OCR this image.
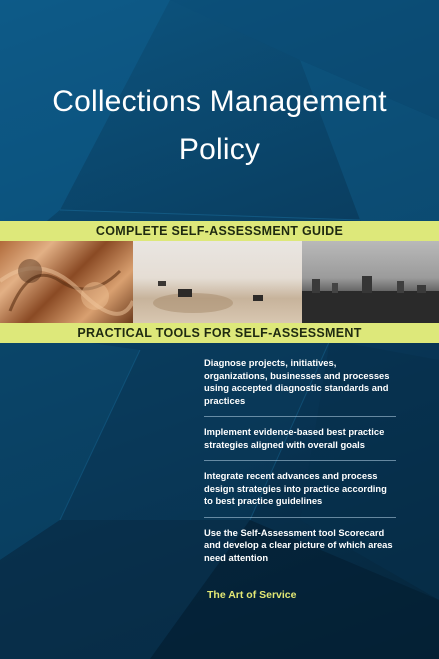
Collections Management
Policy
COMPLETE SELF-ASSESSMENT GUIDE
PRACTICAL TOOLS FOR SELF-ASSESSMENT
Diagnose projects, initiatives, organizations, businesses and processes using accepted diagnostic standards and practices
Implement evidence-based best practice strategies aligned with overall goals
Integrate recent advances and process design strategies into practice according to best practice guidelines
Use the Self-Assessment tool Scorecard and develop a clear picture of which areas need attention
The Art of Service
